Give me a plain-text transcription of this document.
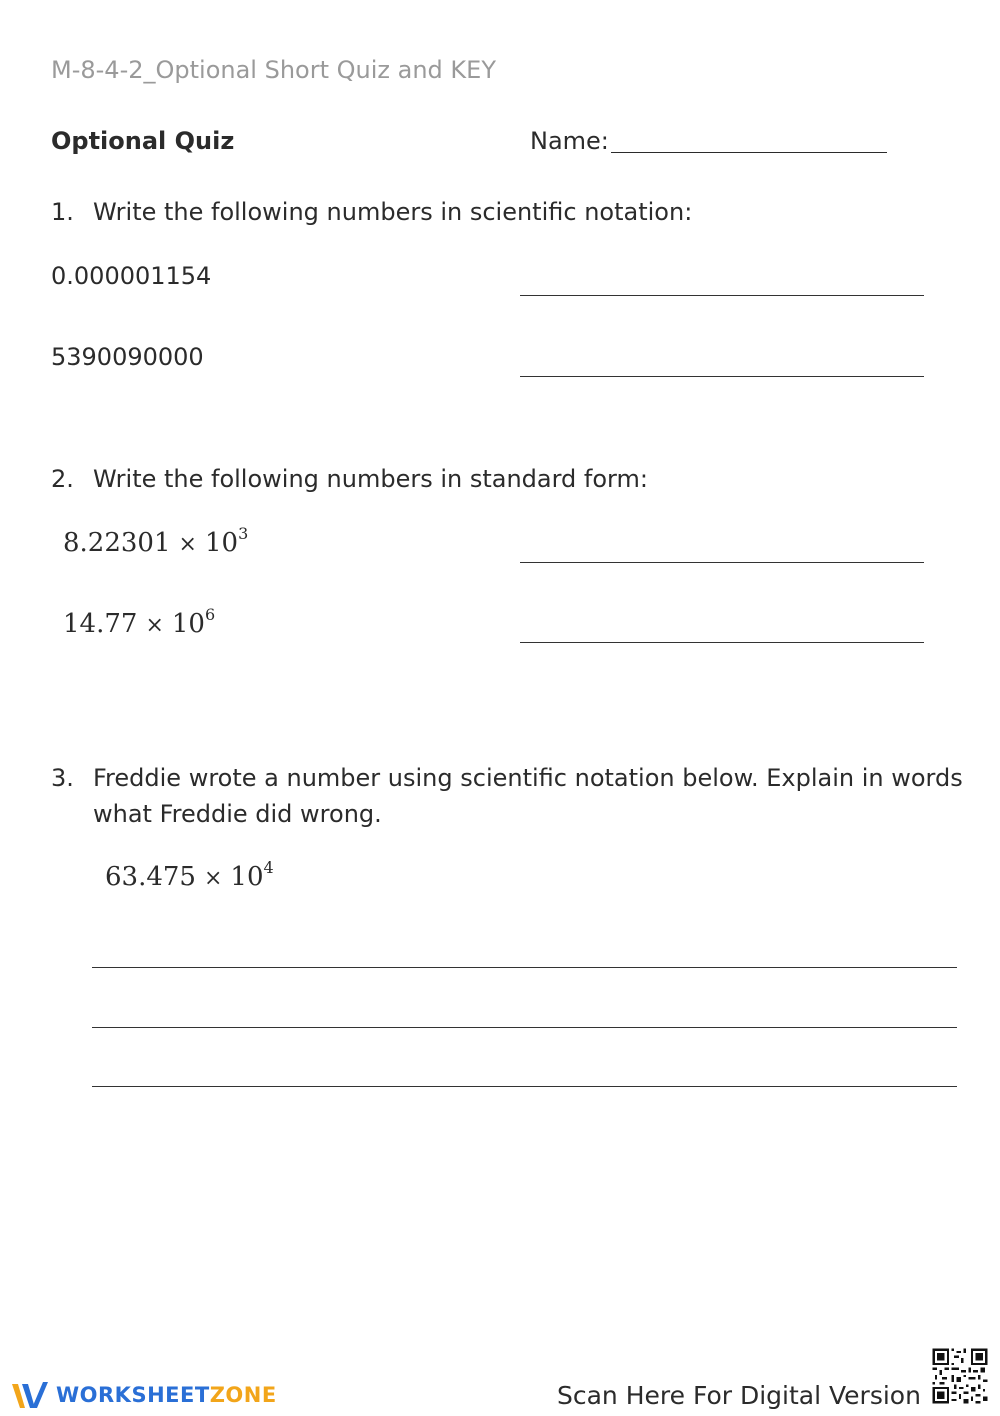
M-8-4-2_Optional Short Quiz and KEY
Optional Quiz	Name:
1. Write the following numbers in scientific notation:
0.000001154
5390090000
2. Write the following numbers in standard form:
$8.22301 \times 10^3$
$14.77 \times 10^6$
3. Freddie wrote a number using scientific notation below. Explain in words
what Freddie did wrong.
$63.475 \times 10^4$
WORKSHEETZONE	Scan Here For Digital Version
